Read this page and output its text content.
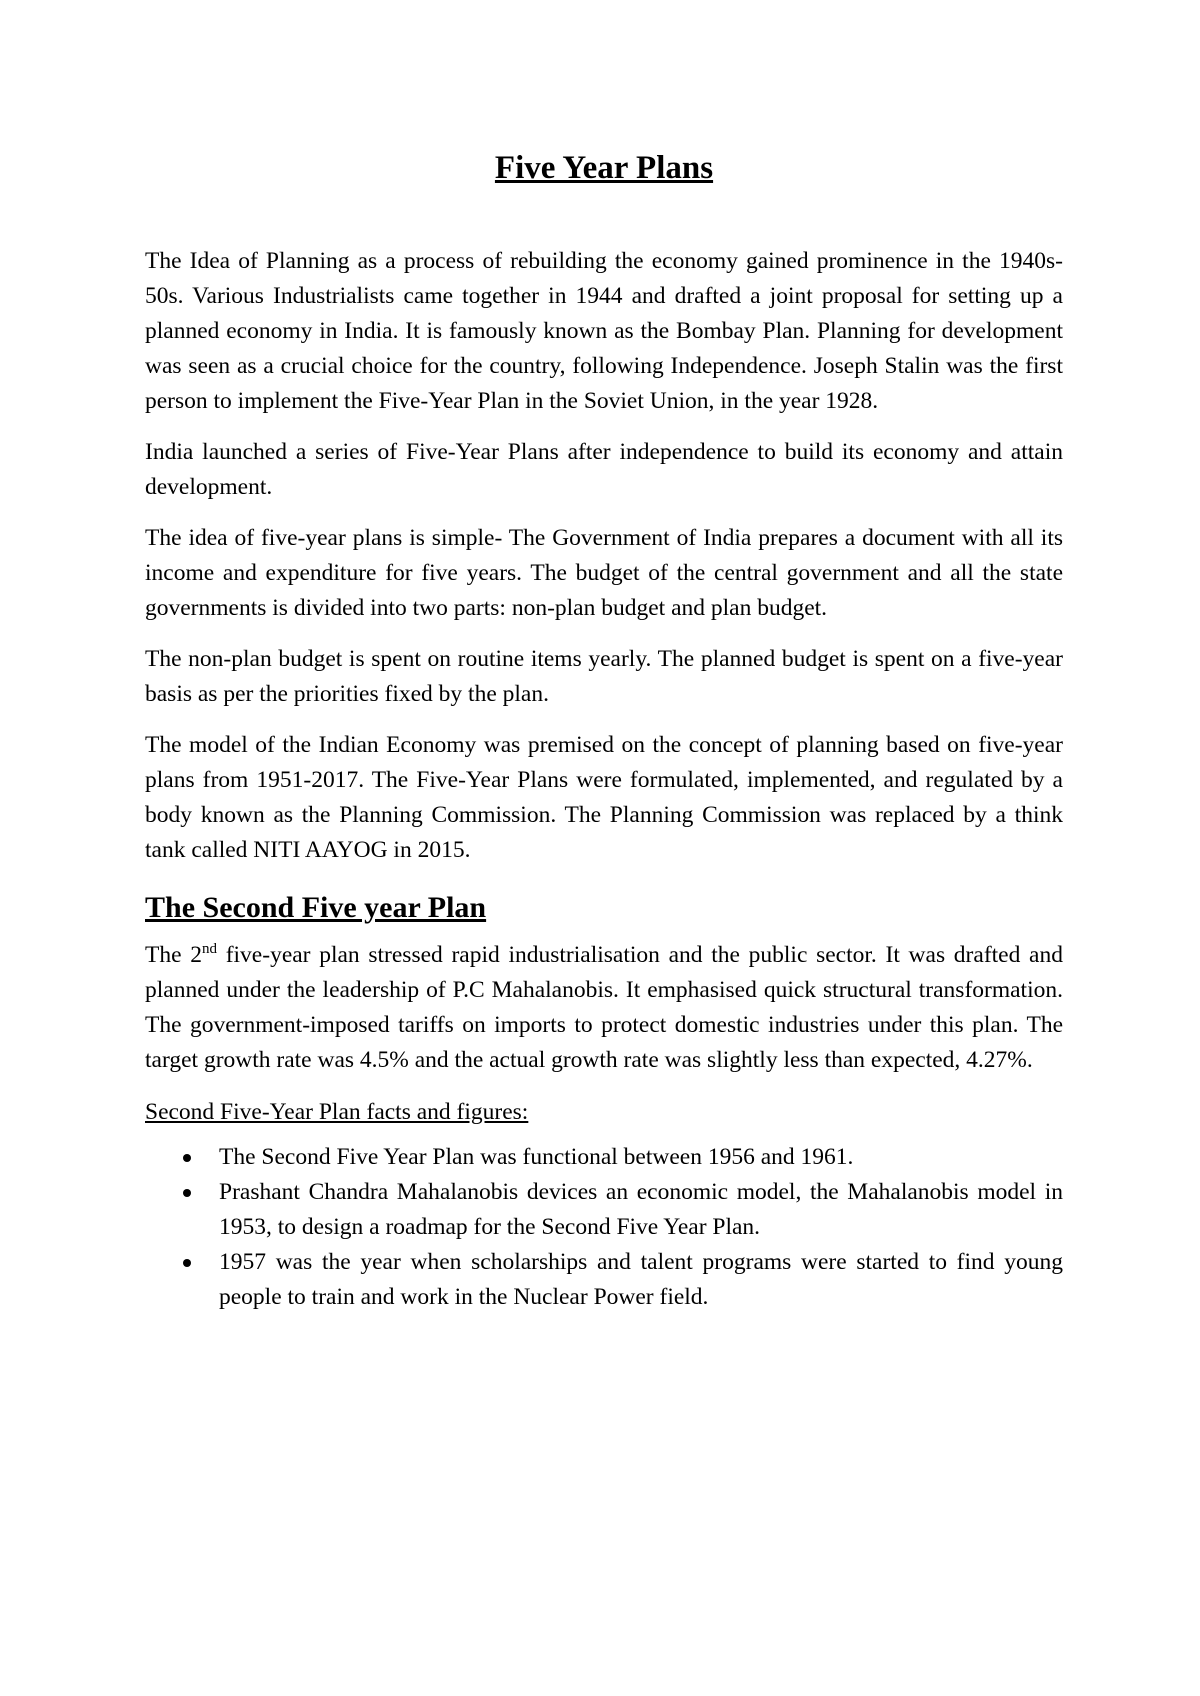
Five Year Plans

The Idea of Planning as a process of rebuilding the economy gained prominence in the 1940s-50s. Various Industrialists came together in 1944 and drafted a joint proposal for setting up a planned economy in India. It is famously known as the Bombay Plan. Planning for development was seen as a crucial choice for the country, following Independence. Joseph Stalin was the first person to implement the Five-Year Plan in the Soviet Union, in the year 1928.

India launched a series of Five-Year Plans after independence to build its economy and attain development.

The idea of five-year plans is simple- The Government of India prepares a document with all its income and expenditure for five years. The budget of the central government and all the state governments is divided into two parts: non-plan budget and plan budget.

The non-plan budget is spent on routine items yearly. The planned budget is spent on a five-year basis as per the priorities fixed by the plan.

The model of the Indian Economy was premised on the concept of planning based on five-year plans from 1951-2017. The Five-Year Plans were formulated, implemented, and regulated by a body known as the Planning Commission. The Planning Commission was replaced by a think tank called NITI AAYOG in 2015.

The Second Five year Plan

The 2nd five-year plan stressed rapid industrialisation and the public sector. It was drafted and planned under the leadership of P.C Mahalanobis. It emphasised quick structural transformation. The government-imposed tariffs on imports to protect domestic industries under this plan. The target growth rate was 4.5% and the actual growth rate was slightly less than expected, 4.27%.

Second Five-Year Plan facts and figures:

The Second Five Year Plan was functional between 1956 and 1961.
Prashant Chandra Mahalanobis devices an economic model, the Mahalanobis model in 1953, to design a roadmap for the Second Five Year Plan.
1957 was the year when scholarships and talent programs were started to find young people to train and work in the Nuclear Power field.
